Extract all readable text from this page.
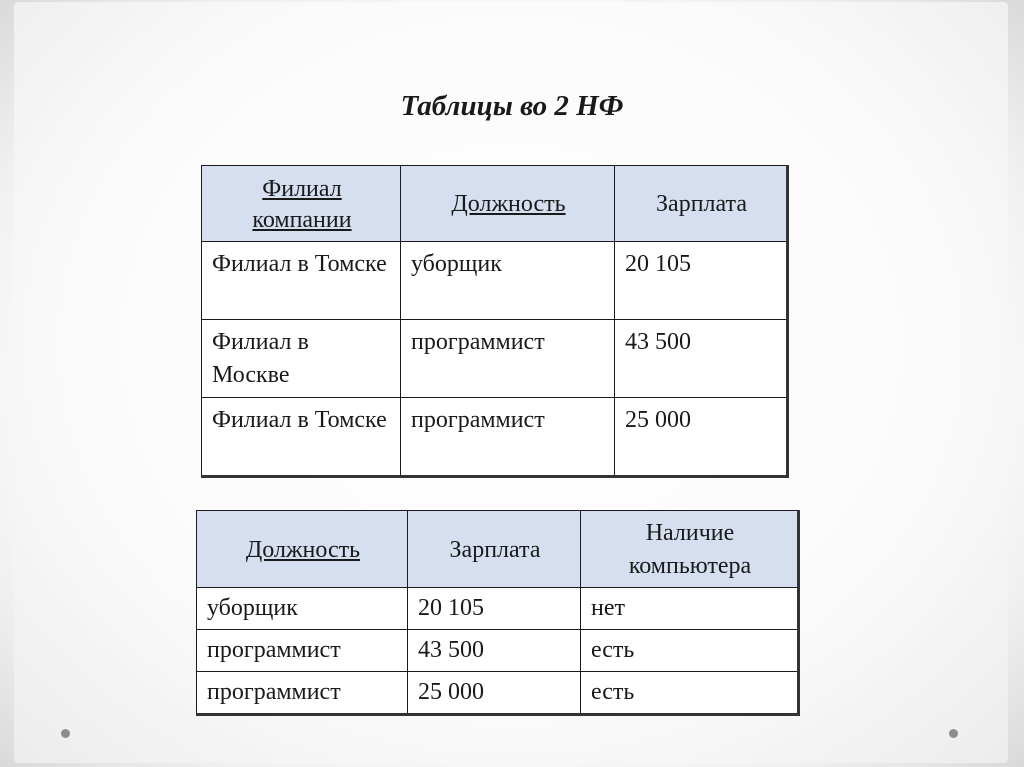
Таблицы во 2 НФ
Филиал компании	Должность	Зарплата
Филиал в Томске	уборщик	20 105
Филиал в Москве	программист	43 500
Филиал в Томске	программист	25 000
Должность	Зарплата	Наличие компьютера
уборщик	20 105	нет
программист	43 500	есть
программист	25 000	есть
